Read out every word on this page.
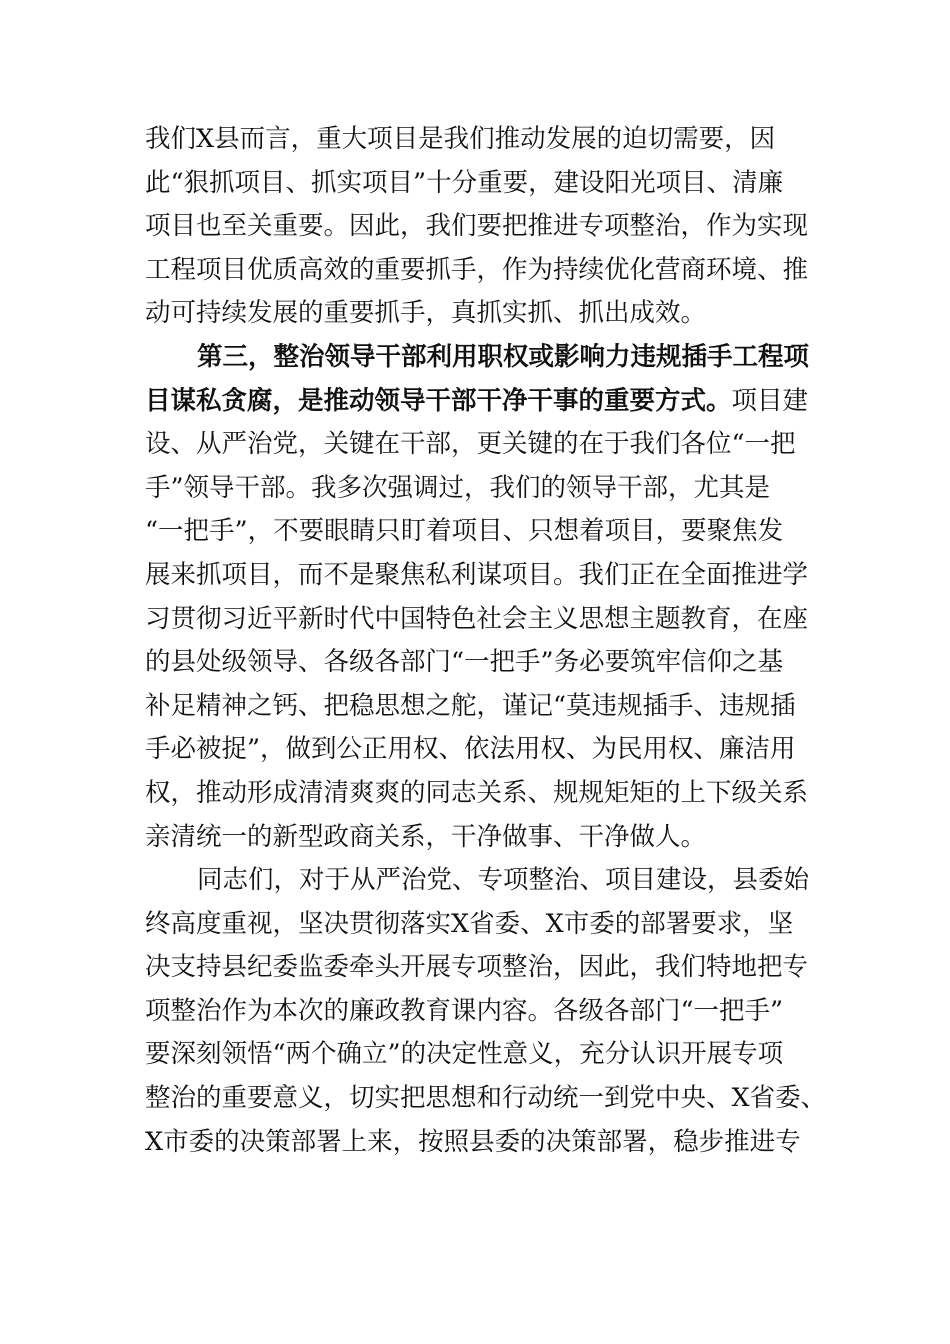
我们X县而言，重大项目是我们推动发展的迫切需要，因
此“狠抓项目、抓实项目”十分重要，建设阳光项目、清廉
项目也至关重要。因此，我们要把推进专项整治，作为实现
工程项目优质高效的重要抓手，作为持续优化营商环境、推
动可持续发展的重要抓手，真抓实抓、抓出成效。
第三，整治领导干部利用职权或影响力违规插手工程项
目谋私贪腐，是推动领导干部干净干事的重要方式。项目建
设、从严治党，关键在干部，更关键的在于我们各位“一把
手”领导干部。我多次强调过，我们的领导干部，尤其是
“一把手”，不要眼睛只盯着项目、只想着项目，要聚焦发
展来抓项目，而不是聚焦私利谋项目。我们正在全面推进学
习贯彻习近平新时代中国特色社会主义思想主题教育，在座
的县处级领导、各级各部门“一把手”务必要筑牢信仰之基
补足精神之钙、把稳思想之舵，谨记“莫违规插手、违规插
手必被捉”，做到公正用权、依法用权、为民用权、廉洁用
权，推动形成清清爽爽的同志关系、规规矩矩的上下级关系
亲清统一的新型政商关系，干净做事、干净做人。
同志们，对于从严治党、专项整治、项目建设，县委始
终高度重视，坚决贯彻落实X省委、X市委的部署要求，坚
决支持县纪委监委牵头开展专项整治，因此，我们特地把专
项整治作为本次的廉政教育课内容。各级各部门“一把手”
要深刻领悟“两个确立”的决定性意义，充分认识开展专项
整治的重要意义，切实把思想和行动统一到党中央、X省委、
X市委的决策部署上来，按照县委的决策部署，稳步推进专
